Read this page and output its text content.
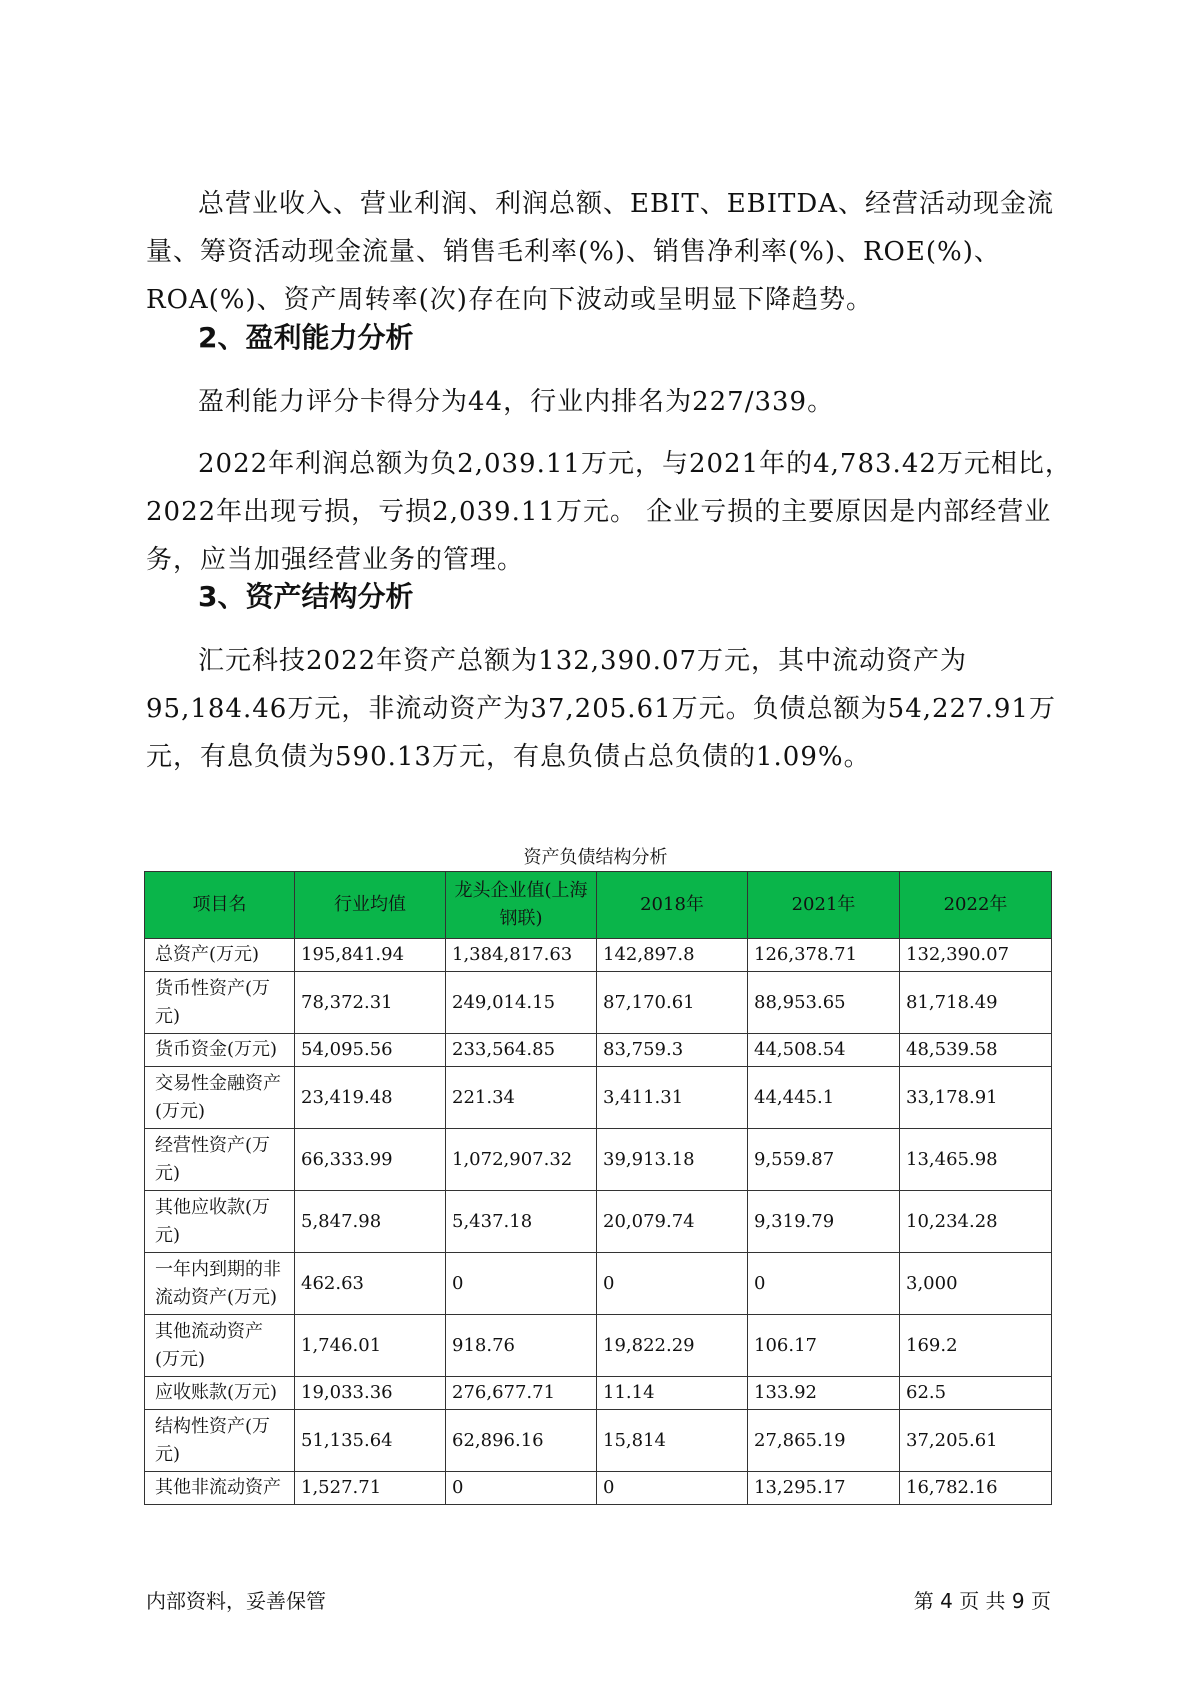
总营业收入、营业利润、利润总额、EBIT、EBITDA、经营活动现金流量、筹资活动现金流量、销售毛利率(%)、销售净利率(%)、ROE(%)、ROA(%)、资产周转率(次)存在向下波动或呈明显下降趋势。

2、盈利能力分析

盈利能力评分卡得分为44，行业内排名为227/339。

2022年利润总额为负2,039.11万元，与2021年的4,783.42万元相比，2022年出现亏损，亏损2,039.11万元。 企业亏损的主要原因是内部经营业务，应当加强经营业务的管理。

3、资产结构分析

汇元科技2022年资产总额为132,390.07万元，其中流动资产为95,184.46万元，非流动资产为37,205.61万元。负债总额为54,227.91万元，有息负债为590.13万元，有息负债占总负债的1.09%。

资产负债结构分析

项目名	行业均值	龙头企业值(上海钢联)	2018年	2021年	2022年
总资产(万元)	195,841.94	1,384,817.63	142,897.8	126,378.71	132,390.07
货币性资产(万元)	78,372.31	249,014.15	87,170.61	88,953.65	81,718.49
货币资金(万元)	54,095.56	233,564.85	83,759.3	44,508.54	48,539.58
交易性金融资产(万元)	23,419.48	221.34	3,411.31	44,445.1	33,178.91
经营性资产(万元)	66,333.99	1,072,907.32	39,913.18	9,559.87	13,465.98
其他应收款(万元)	5,847.98	5,437.18	20,079.74	9,319.79	10,234.28
一年内到期的非流动资产(万元)	462.63	0	0	0	3,000
其他流动资产(万元)	1,746.01	918.76	19,822.29	106.17	169.2
应收账款(万元)	19,033.36	276,677.71	11.14	133.92	62.5
结构性资产(万元)	51,135.64	62,896.16	15,814	27,865.19	37,205.61
其他非流动资产	1,527.71	0	0	13,295.17	16,782.16
内部资料，妥善保管	第 4 页 共 9 页
